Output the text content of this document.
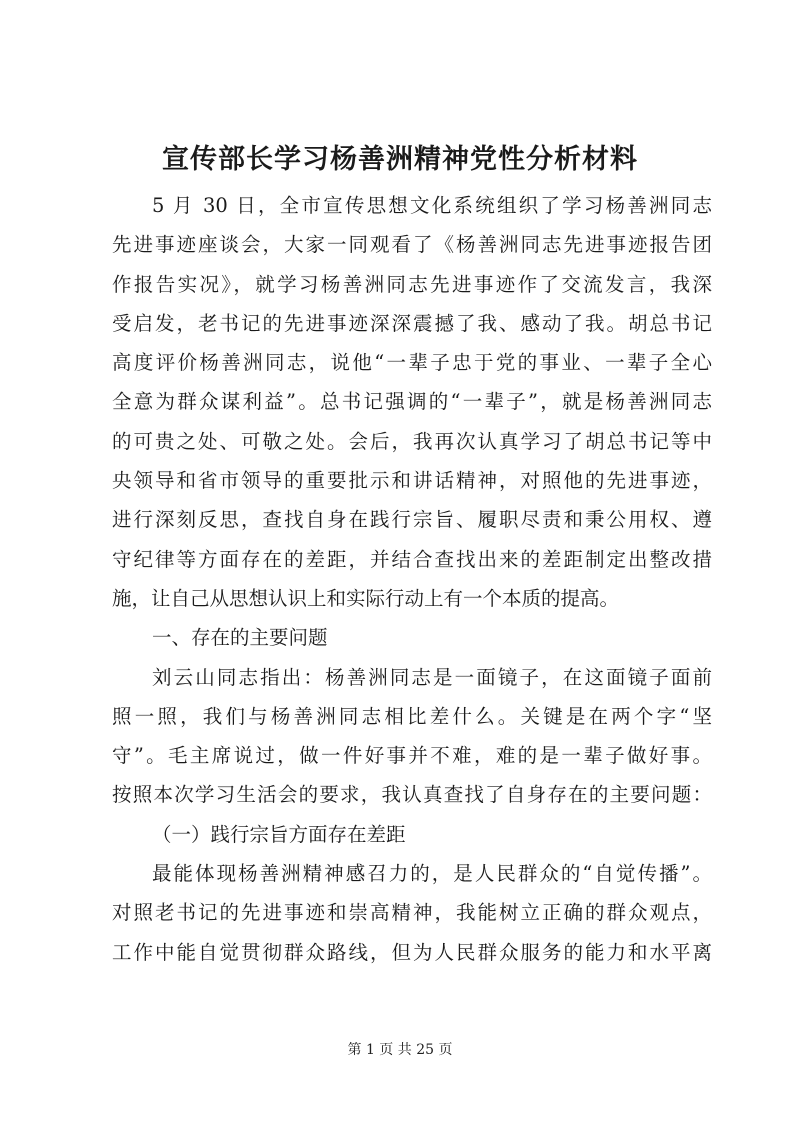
宣传部长学习杨善洲精神党性分析材料
5 月 30 日，全市宣传思想文化系统组织了学习杨善洲同志
先进事迹座谈会，大家一同观看了《杨善洲同志先进事迹报告团
作报告实况》，就学习杨善洲同志先进事迹作了交流发言，我深
受启发，老书记的先进事迹深深震撼了我、感动了我。胡总书记
高度评价杨善洲同志，说他“一辈子忠于党的事业、一辈子全心
全意为群众谋利益”。总书记强调的“一辈子”，就是杨善洲同志
的可贵之处、可敬之处。会后，我再次认真学习了胡总书记等中
央领导和省市领导的重要批示和讲话精神，对照他的先进事迹，
进行深刻反思，查找自身在践行宗旨、履职尽责和秉公用权、遵
守纪律等方面存在的差距，并结合查找出来的差距制定出整改措
施，让自己从思想认识上和实际行动上有一个本质的提高。
一、存在的主要问题
刘云山同志指出：杨善洲同志是一面镜子，在这面镜子面前
照一照，我们与杨善洲同志相比差什么。关键是在两个字“坚
守”。毛主席说过，做一件好事并不难，难的是一辈子做好事。
按照本次学习生活会的要求，我认真查找了自身存在的主要问题：
（一）践行宗旨方面存在差距
最能体现杨善洲精神感召力的，是人民群众的“自觉传播”。
对照老书记的先进事迹和崇高精神，我能树立正确的群众观点，
工作中能自觉贯彻群众路线，但为人民群众服务的能力和水平离
第 1 页 共 25 页
